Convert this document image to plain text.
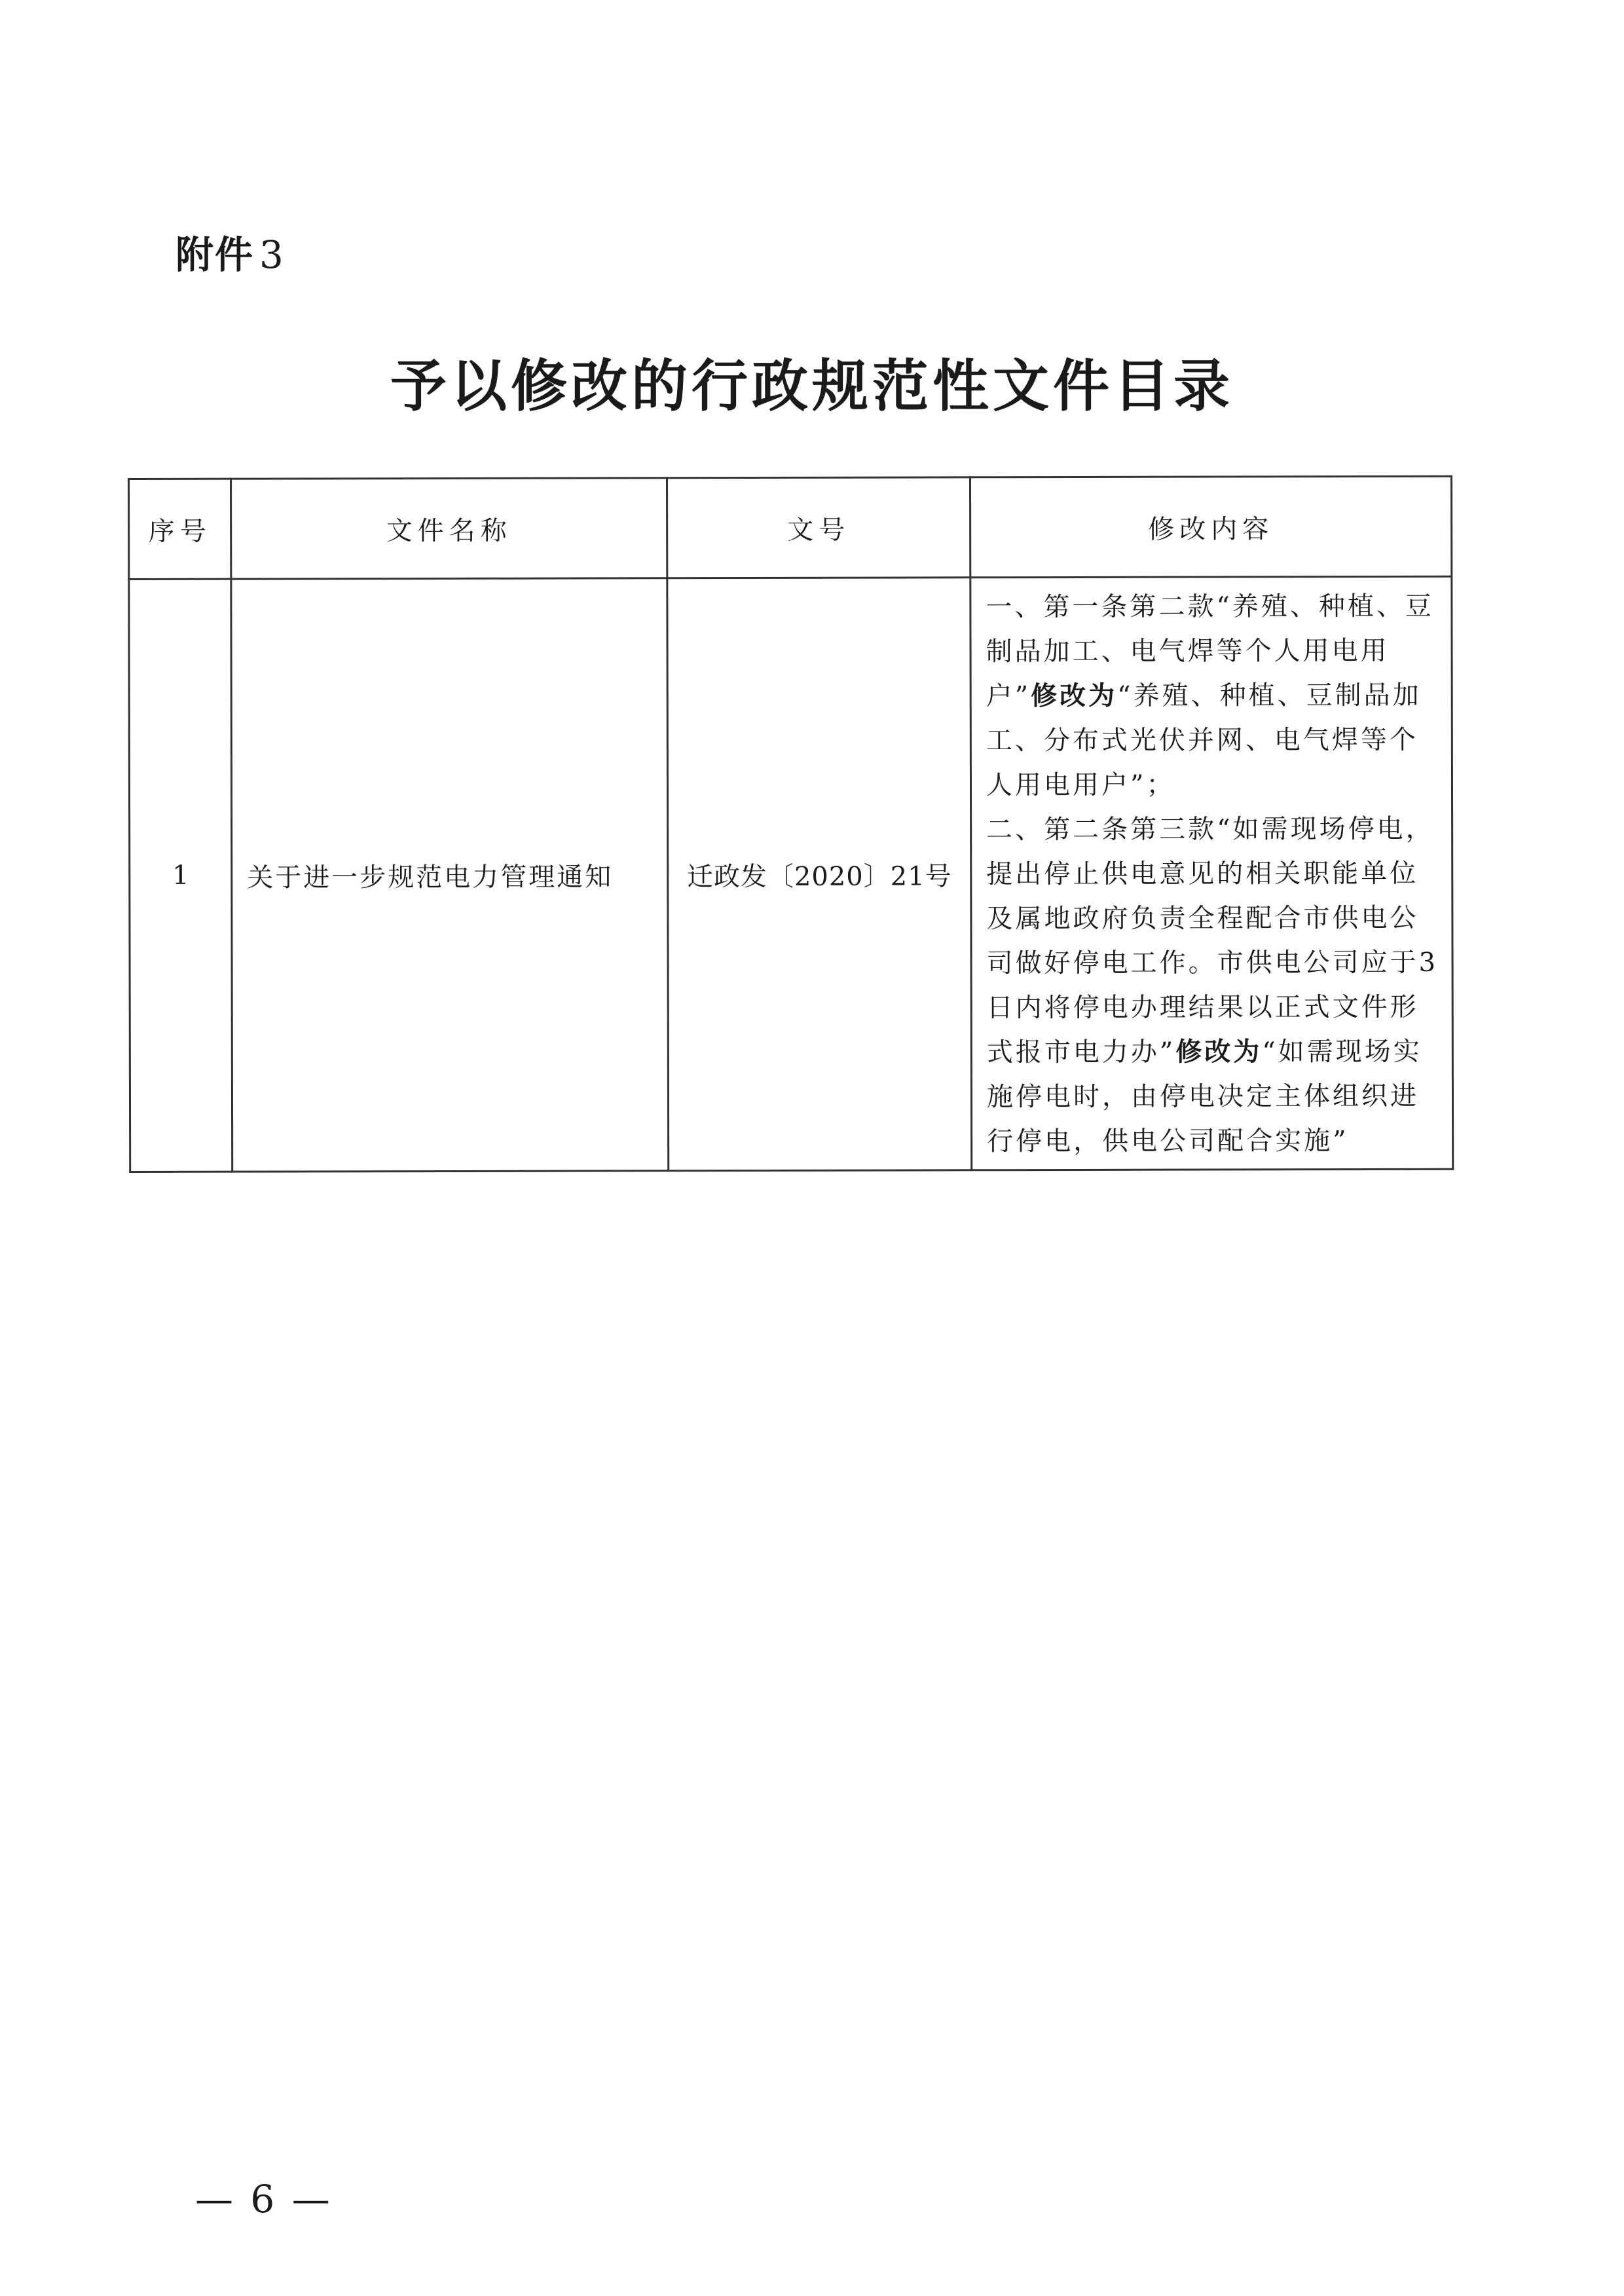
附件 3
予以修改的行政规范性文件目录
序号	文件名称	文号	修改内容
1	关于进一步规范电力管理通知	迁政发〔2020〕21号	一、第一条第二款“养殖、种植、豆制品加工、电气焊等个人用电用户”修改为“养殖、种植、豆制品加工、分布式光伏并网、电气焊等个人用电用户”；
二、第二条第三款“如需现场停电，提出停止供电意见的相关职能单位及属地政府负责全程配合市供电公司做好停电工作。市供电公司应于3日内将停电办理结果以正式文件形式报市电力办”修改为“如需现场实施停电时，由停电决定主体组织进行停电，供电公司配合实施”
— 6 —
